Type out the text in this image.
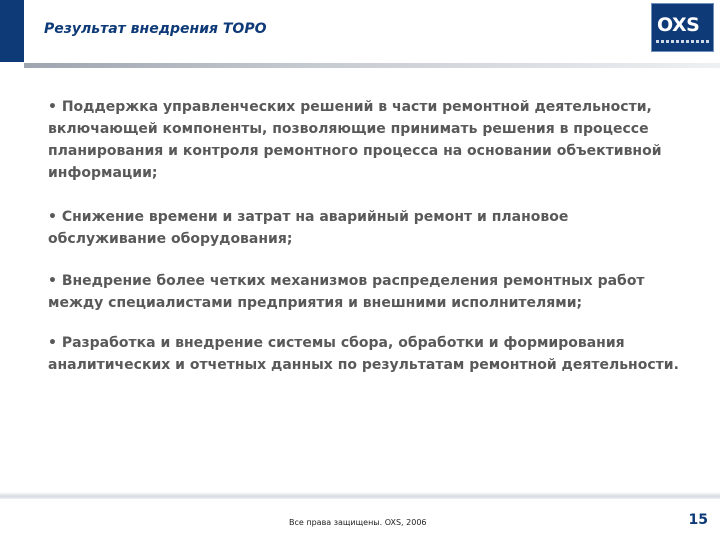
Результат внедрения ТОРО	OXS

• Поддержка управленческих решений в части ремонтной деятельности, включающей компоненты, позволяющие принимать решения в процессе планирования и контроля ремонтного процесса на основании объективной информации;

• Снижение времени и затрат на аварийный ремонт и плановое обслуживание оборудования;

• Внедрение более четких механизмов распределения ремонтных работ между специалистами предприятия и внешними исполнителями;

• Разработка и внедрение системы сбора, обработки и формирования аналитических и отчетных данных по результатам ремонтной деятельности.

Все права защищены. OXS, 2006	15
